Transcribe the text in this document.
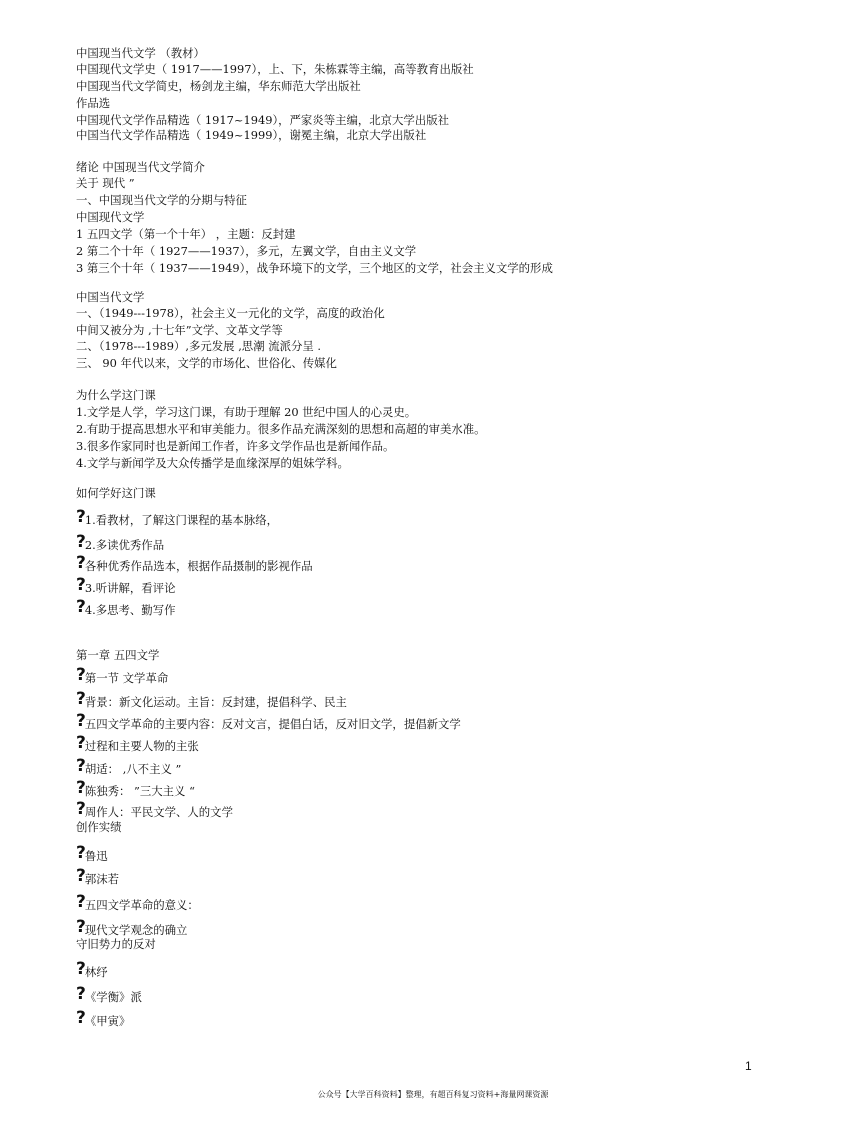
中国现当代文学 （教材）
中国现代文学史（ 1917——1997），上、下，朱栋霖等主编，高等教育出版社
中国现当代文学简史，杨剑龙主编，华东师范大学出版社
作品选
中国现代文学作品精选（ 1917~1949），严家炎等主编，北京大学出版社
中国当代文学作品精选（ 1949~1999），谢冕主编，北京大学出版社
绪论 中国现当代文学简介
关于 现代 ”
一、中国现当代文学的分期与特征
中国现代文学
1 五四文学（第一个十年） ，主题：反封建
2 第二个十年（ 1927——1937），多元，左翼文学，自由主义文学
3 第三个十年（ 1937——1949），战争环境下的文学，三个地区的文学，社会主义文学的形成
中国当代文学
一、（1949---1978），社会主义一元化的文学，高度的政治化
中间又被分为 ‚十七年”文学、文革文学等
二、（1978---1989）,多元发展 ,思潮 流派分呈 .
三、 90 年代以来，文学的市场化、世俗化、传媒化
为什么学这门课
1.文学是人学，学习这门课，有助于理解 20 世纪中国人的心灵史。
2.有助于提高思想水平和审美能力。很多作品充满深刻的思想和高超的审美水准。
3.很多作家同时也是新闻工作者，许多文学作品也是新闻作品。
4.文学与新闻学及大众传播学是血缘深厚的姐妹学科。
如何学好这门课
?1.看教材，了解这门课程的基本脉络，
?2.多读优秀作品
?各种优秀作品选本，根据作品摄制的影视作品
?3.听讲解，看评论
?4.多思考、勤写作
第一章 五四文学
?第一节 文学革命
?背景：新文化运动。主旨：反封建，提倡科学、民主
?五四文学革命的主要内容：反对文言，提倡白话，反对旧文学，提倡新文学
?过程和主要人物的主张
?胡适： ‚八不主义 ”
?陈独秀： ”三大主义 “
?周作人：平民文学、人的文学
创作实绩
?鲁迅
?郭沫若
?五四文学革命的意义：
?现代文学观念的确立
守旧势力的反对
?林纾
?《学衡》派
?《甲寅》
1
公众号【大学百科资料】整理，有超百科复习资料+海量网课资源
